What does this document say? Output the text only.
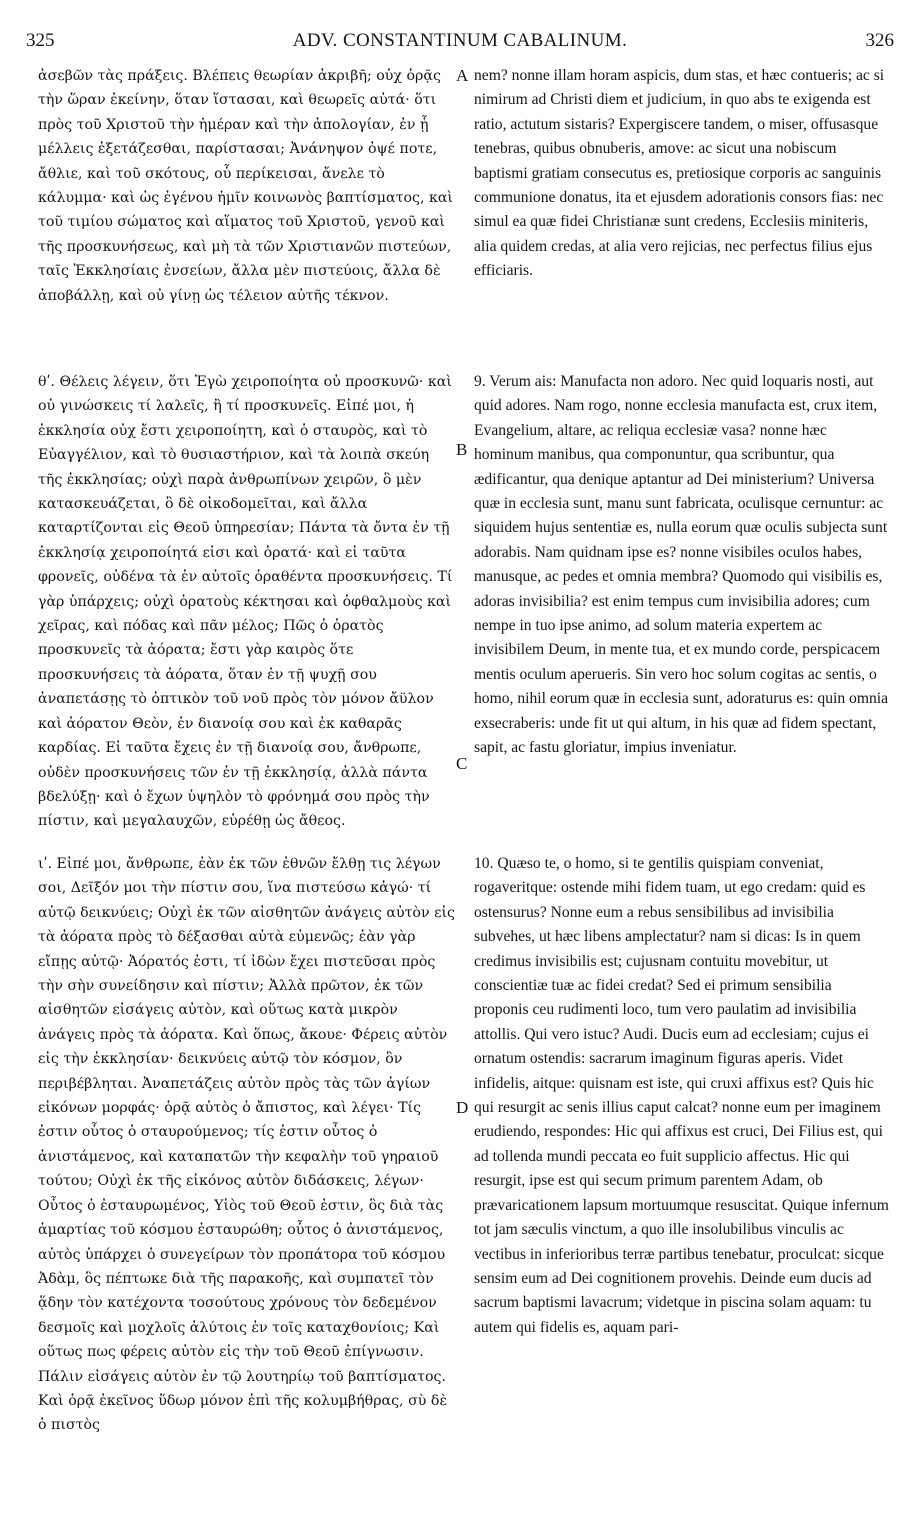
325	ADV. CONSTANTINUM CABALINUM.	326

ἀσεβῶν τὰς πράξεις. Βλέπεις θεωρίαν ἀκριβῆ; οὐχ ὁρᾷς τὴν ὥραν ἐκείνην, ὅταν ἵστασαι, καὶ θεωρεῖς αὐτά· ὅτι πρὸς τοῦ Χριστοῦ τὴν ἡμέραν καὶ τὴν ἀπολογίαν, ἐν ᾗ μέλλεις ἐξετάζεσθαι, παρίστασαι; Ἀνάνηψον ὀψέ ποτε, ἄθλιε, καὶ τοῦ σκότους, οὗ περίκεισαι, ἄνελε τὸ κάλυμμα· καὶ ὡς ἐγένου ἡμῖν κοινωνὸς βαπτίσματος, καὶ τοῦ τιμίου σώματος καὶ αἵματος τοῦ Χριστοῦ, γενοῦ καὶ τῆς προσκυνήσεως, καὶ μὴ τὰ τῶν Χριστιανῶν πιστεύων, ταῖς Ἐκκλησίαις ἐνσείων, ἄλλα μὲν πιστεύοις, ἄλλα δὲ ἀποβάλλῃ, καὶ οὐ γίνῃ ὡς τέλειον αὐτῆς τέκνον.

θʹ. Θέλεις λέγειν, ὅτι Ἐγὼ χειροποίητα οὐ προσκυνῶ· καὶ οὐ γινώσκεις τί λαλεῖς, ἢ τί προσκυνεῖς. Εἰπέ μοι, ἡ ἐκκλησία οὐχ ἔστι χειροποίητη, καὶ ὁ σταυρὸς, καὶ τὸ Εὐαγγέλιον, καὶ τὸ θυσιαστήριον, καὶ τὰ λοιπὰ σκεύη τῆς ἐκκλησίας; οὐχὶ παρὰ ἀνθρωπίνων χειρῶν, ὃ μὲν κατασκευάζεται, ὃ δὲ οἰκοδομεῖται, καὶ ἄλλα καταρτίζονται εἰς Θεοῦ ὑπηρεσίαν; Πάντα τὰ ὄντα ἐν τῇ ἐκκλησίᾳ χειροποίητά εἰσι καὶ ὁρατά· καὶ εἰ ταῦτα φρονεῖς, οὐδένα τὰ ἐν αὐτοῖς ὁραθέντα προσκυνήσεις. Τί γὰρ ὑπάρχεις; οὐχὶ ὁρατοὺς κέκτησαι καὶ ὀφθαλμοὺς καὶ χεῖρας, καὶ πόδας καὶ πᾶν μέλος; Πῶς ὁ ὁρατὸς προσκυνεῖς τὰ ἀόρατα; ἔστι γὰρ καιρὸς ὅτε προσκυνήσεις τὰ ἀόρατα, ὅταν ἐν τῇ ψυχῇ σου ἀναπετάσῃς τὸ ὀπτικὸν τοῦ νοῦ πρὸς τὸν μόνον ἄϋλον καὶ ἀόρατον Θεὸν, ἐν διανοίᾳ σου καὶ ἐκ καθαρᾶς καρδίας. Εἰ ταῦτα ἔχεις ἐν τῇ διανοίᾳ σου, ἄνθρωπε, οὐδὲν προσκυνήσεις τῶν ἐν τῇ ἐκκλησίᾳ, ἀλλὰ πάντα βδελύξῃ· καὶ ὁ ἔχων ὑψηλὸν τὸ φρόνημά σου πρὸς τὴν πίστιν, καὶ μεγαλαυχῶν, εὑρέθῃ ὡς ἄθεος.

ιʹ. Εἰπέ μοι, ἄνθρωπε, ἐὰν ἐκ τῶν ἐθνῶν ἔλθῃ τις λέγων σοι, Δεῖξόν μοι τὴν πίστιν σου, ἵνα πιστεύσω κἀγώ· τί αὐτῷ δεικνύεις; Οὐχὶ ἐκ τῶν αἰσθητῶν ἀνάγεις αὐτὸν εἰς τὰ ἀόρατα πρὸς τὸ δέξασθαι αὐτὰ εὐμενῶς; ἐὰν γὰρ εἴπῃς αὐτῷ· Ἀόρατός ἐστι, τί ἰδὼν ἔχει πιστεῦσαι πρὸς τὴν σὴν συνείδησιν καὶ πίστιν; Ἀλλὰ πρῶτον, ἐκ τῶν αἰσθητῶν εἰσάγεις αὐτὸν, καὶ οὕτως κατὰ μικρὸν ἀνάγεις πρὸς τὰ ἀόρατα. Καὶ ὅπως, ἄκουε· Φέρεις αὐτὸν εἰς τὴν ἐκκλησίαν· δεικνύεις αὐτῷ τὸν κόσμον, ὃν περιβέβληται. Ἀναπετάζεις αὐτὸν πρὸς τὰς τῶν ἁγίων εἰκόνων μορφάς· ὁρᾷ αὐτὸς ὁ ἄπιστος, καὶ λέγει· Τίς ἐστιν οὗτος ὁ σταυρούμενος; τίς ἐστιν οὗτος ὁ ἀνιστάμενος, καὶ καταπατῶν τὴν κεφαλὴν τοῦ γηραιοῦ τούτου; Οὐχὶ ἐκ τῆς εἰκόνος αὐτὸν διδάσκεις, λέγων· Οὗτος ὁ ἐσταυρωμένος, Υἱὸς τοῦ Θεοῦ ἐστιν, ὃς διὰ τὰς ἁμαρτίας τοῦ κόσμου ἐσταυρώθη; οὗτος ὁ ἀνιστάμενος, αὐτὸς ὑπάρχει ὁ συνεγείρων τὸν προπάτορα τοῦ κόσμου Ἀδὰμ, ὃς πέπτωκε διὰ τῆς παρακοῆς, καὶ συμπατεῖ τὸν ᾅδην τὸν κατέχοντα τοσούτους χρόνους τὸν δεδεμένον δεσμοῖς καὶ μοχλοῖς ἀλύτοις ἐν τοῖς καταχθονίοις; Καὶ οὕτως πως φέρεις αὐτὸν εἰς τὴν τοῦ Θεοῦ ἐπίγνωσιν. Πάλιν εἰσάγεις αὐτὸν ἐν τῷ λουτηρίῳ τοῦ βαπτίσματος. Καὶ ὁρᾷ ἐκεῖνος ὕδωρ μόνον ἐπὶ τῆς κολυμβήθρας, σὺ δὲ ὁ πιστὸς

A
B
C
D

nem? nonne illam horam aspicis, dum stas, et hæc contueris; ac si nimirum ad Christi diem et judicium, in quo abs te exigenda est ratio, actutum sistaris? Expergiscere tandem, o miser, offusasque tenebras, quibus obnuberis, amove: ac sicut una nobiscum baptismi gratiam consecutus es, pretiosique corporis ac sanguinis communione donatus, ita et ejusdem adorationis consors fias: nec simul ea quæ fidei Christianæ sunt credens, Ecclesiis miniteris, alia quidem credas, at alia vero rejicias, nec perfectus filius ejus efficiaris.

9. Verum ais: Manufacta non adoro. Nec quid loquaris nosti, aut quid adores. Nam rogo, nonne ecclesia manufacta est, crux item, Evangelium, altare, ac reliqua ecclesiæ vasa? nonne hæc hominum manibus, qua componuntur, qua scribuntur, qua ædificantur, qua denique aptantur ad Dei ministerium? Universa quæ in ecclesia sunt, manu sunt fabricata, oculisque cernuntur: ac siquidem hujus sententiæ es, nulla eorum quæ oculis subjecta sunt adorabis. Nam quidnam ipse es? nonne visibiles oculos habes, manusque, ac pedes et omnia membra? Quomodo qui visibilis es, adoras invisibilia? est enim tempus cum invisibilia adores; cum nempe in tuo ipse animo, ad solum materia expertem ac invisibilem Deum, in mente tua, et ex mundo corde, perspicacem mentis oculum aperueris. Sin vero hoc solum cogitas ac sentis, o homo, nihil eorum quæ in ecclesia sunt, adoraturus es: quin omnia exsecraberis: unde fit ut qui altum, in his quæ ad fidem spectant, sapit, ac fastu gloriatur, impius inveniatur.

10. Quæso te, o homo, si te gentilis quispiam conveniat, rogaveritque: ostende mihi fidem tuam, ut ego credam: quid es ostensurus? Nonne eum a rebus sensibilibus ad invisibilia subvehes, ut hæc libens amplectatur? nam si dicas: Is in quem credimus invisibilis est; cujusnam contuitu movebitur, ut conscientiæ tuæ ac fidei credat? Sed ei primum sensibilia proponis ceu rudimenti loco, tum vero paulatim ad invisibilia attollis. Qui vero istuc? Audi. Ducis eum ad ecclesiam; cujus ei ornatum ostendis: sacrarum imaginum figuras aperis. Videt infidelis, aitque: quisnam est iste, qui cruxi affixus est? Quis hic qui resurgit ac senis illius caput calcat? nonne eum per imaginem erudiendo, respondes: Hic qui affixus est cruci, Dei Filius est, qui ad tollenda mundi peccata eo fuit supplicio affectus. Hic qui resurgit, ipse est qui secum primum parentem Adam, ob prævaricationem lapsum mortuumque resuscitat. Quique infernum tot jam sæculis vinctum, a quo ille insolubilibus vinculis ac vectibus in inferioribus terræ partibus tenebatur, proculcat: sicque sensim eum ad Dei cognitionem provehis. Deinde eum ducis ad sacrum baptismi lavacrum; videtque in piscina solam aquam: tu autem qui fidelis es, aquam pari-
